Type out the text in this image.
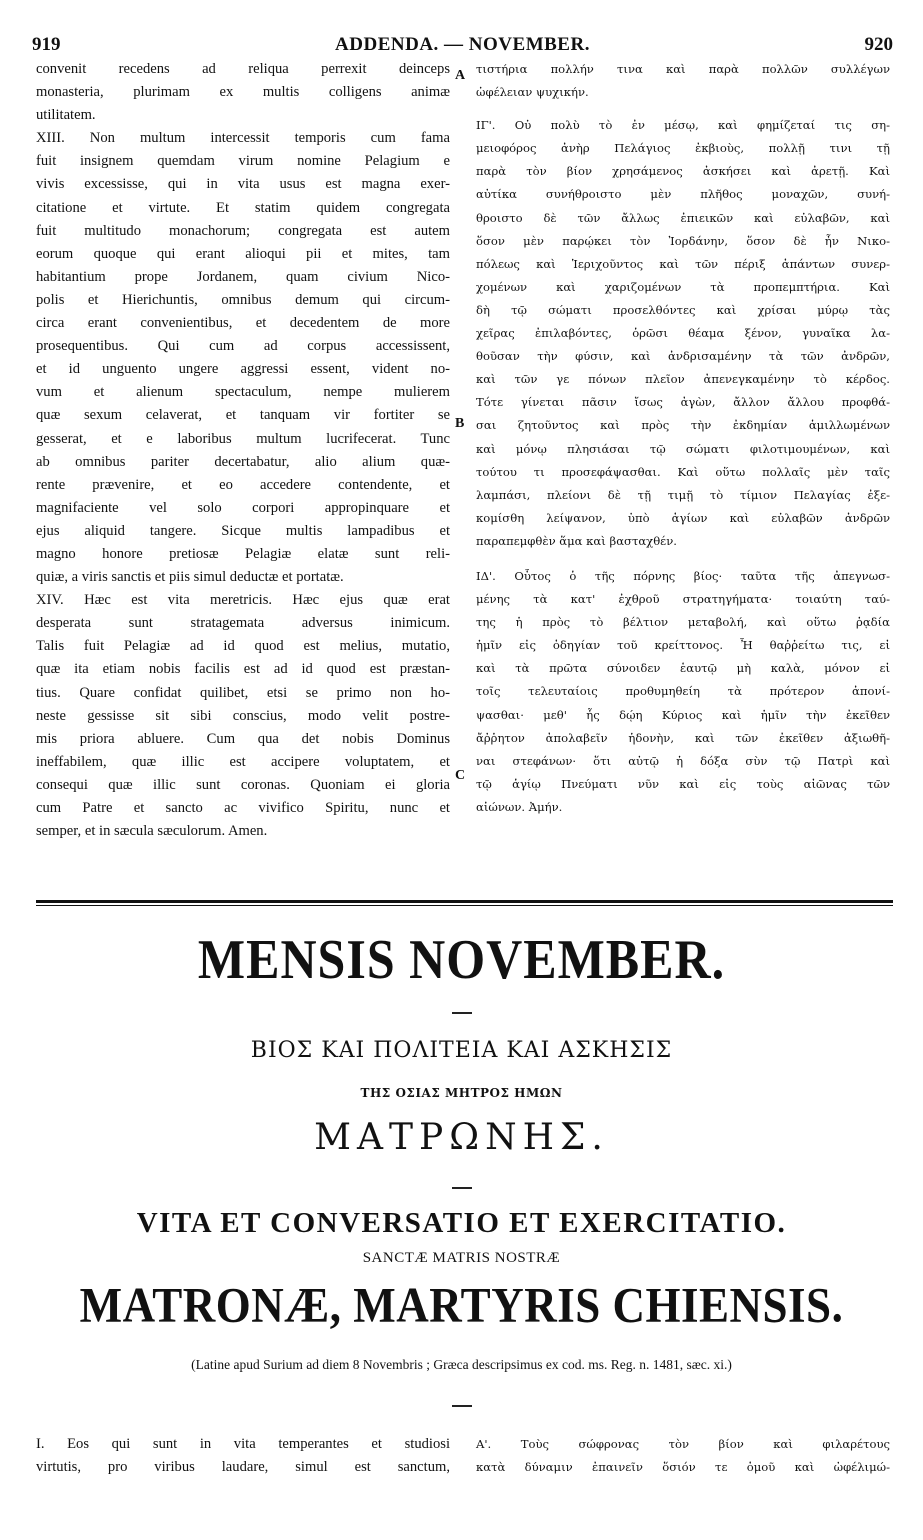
919	ADDENDA. — NOVEMBER.	920

convenit recedens ad reliqua perrexit deinceps

monasteria, plurimam ex multis colligens animæ

utilitatem.

XIII. Non multum intercessit temporis cum fama

fuit insignem quemdam virum nomine Pelagium e

vivis excessisse, qui in vita usus est magna exer-

citatione et virtute. Et statim quidem congregata

fuit multitudo monachorum; congregata est autem

eorum quoque qui erant alioqui pii et mites, tam

habitantium prope Jordanem, quam civium Nico-

polis et Hierichuntis, omnibus demum qui circum-

circa erant convenientibus, et decedentem de more

prosequentibus. Qui cum ad corpus accessissent,

et id unguento ungere aggressi essent, vident no-

vum et alienum spectaculum, nempe mulierem

quæ sexum celaverat, et tanquam vir fortiter se

gesserat, et e laboribus multum lucrifecerat. Tunc

ab omnibus pariter decertabatur, alio alium quæ-

rente prævenire, et eo accedere contendente, et

magnifaciente vel solo corpori appropinquare et

ejus aliquid tangere. Sicque multis lampadibus et

magno honore pretiosæ Pelagiæ elatæ sunt reli-

quiæ, a viris sanctis et piis simul deductæ et portatæ.

XIV. Hæc est vita meretricis. Hæc ejus quæ erat

desperata sunt stratagemata adversus inimicum.

Talis fuit Pelagiæ ad id quod est melius, mutatio,

quæ ita etiam nobis facilis est ad id quod est præstan-

tius. Quare confidat quilibet, etsi se primo non ho-

neste gessisse sit sibi conscius, modo velit postre-

mis priora abluere. Cum qua det nobis Dominus

ineffabilem, quæ illic est accipere voluptatem, et

consequi quæ illic sunt coronas. Quoniam ei gloria

cum Patre et sancto ac vivifico Spiritu, nunc et

semper, et in sæcula sæculorum. Amen.

τιστήρια πολλήν τινα καὶ παρὰ πολλῶν συλλέγων

ὠφέλειαν ψυχικήν.

ΙΓ'. Οὐ πολὺ τὸ ἐν μέσῳ, καὶ φημίζεταί τις ση-

μειοφόρος ἀνὴρ Πελάγιος ἐκβιοὺς, πολλῇ τινι τῇ

παρὰ τὸν βίον χρησάμενος ἀσκήσει καὶ ἀρετῇ. Καὶ

αὐτίκα συνήθροιστο μὲν πλῆθος μοναχῶν, συνή-

θροιστο δὲ τῶν ἄλλως ἐπιεικῶν καὶ εὐλαβῶν, καὶ

ὅσον μὲν παρῴκει τὸν Ἰορδάνην, ὅσον δὲ ἦν Νικο-

πόλεως καὶ Ἱεριχοῦντος καὶ τῶν πέριξ ἁπάντων συνερ-

χομένων καὶ χαριζομένων τὰ προπεμπτήρια. Καὶ

δὴ τῷ σώματι προσελθόντες καὶ χρίσαι μύρῳ τὰς

χεῖρας ἐπιλαβόντες, ὁρῶσι θέαμα ξένον, γυναῖκα λα-

θοῦσαν τὴν φύσιν, καὶ ἀνδρισαμένην τὰ τῶν ἀνδρῶν,

καὶ τῶν γε πόνων πλεῖον ἀπενεγκαμένην τὸ κέρδος.

Τότε γίνεται πᾶσιν ἴσως ἀγὼν, ἄλλον ἄλλου προφθά-

σαι ζητοῦντος καὶ πρὸς τὴν ἐκδημίαν ἁμιλλωμένων

καὶ μόνῳ πλησιάσαι τῷ σώματι φιλοτιμουμένων, καὶ

τούτου τι προσεφάψασθαι. Καὶ οὕτω πολλαῖς μὲν ταῖς

λαμπάσι, πλείονι δὲ τῇ τιμῇ τὸ τίμιον Πελαγίας ἐξε-

κομίσθη λείψανον, ὑπὸ ἁγίων καὶ εὐλαβῶν ἀνδρῶν

παραπεμφθὲν ἅμα καὶ βασταχθέν.

ΙΔ'. Οὗτος ὁ τῆς πόρνης βίος· ταῦτα τῆς ἀπεγνωσ-

μένης τὰ κατ' ἐχθροῦ στρατηγήματα· τοιαύτη ταύ-

της ἡ πρὸς τὸ βέλτιον μεταβολή, καὶ οὕτω ῥᾳδία

ἡμῖν εἰς ὁδηγίαν τοῦ κρείττονος. Ἦ θαῤῥείτω τις, εἰ

καὶ τὰ πρῶτα σύνοιδεν ἑαυτῷ μὴ καλὰ, μόνον εἰ

τοῖς τελευταίοις προθυμηθείη τὰ πρότερον ἀπονί-

ψασθαι· μεθ' ἧς δῴη Κύριος καὶ ἡμῖν τὴν ἐκεῖθεν

ἄῤῥητον ἀπολαβεῖν ἡδονὴν, καὶ τῶν ἐκεῖθεν ἀξιωθῆ-

ναι στεφάνων· ὅτι αὐτῷ ἡ δόξα σὺν τῷ Πατρὶ καὶ

τῷ ἁγίῳ Πνεύματι νῦν καὶ εἰς τοὺς αἰῶνας τῶν

αἰώνων. Ἀμήν.

A
B
C
MENSIS NOVEMBER.
ΒΙΟΣ ΚΑΙ ΠΟΛΙΤΕΙΑ ΚΑΙ ΑΣΚΗΣΙΣ
ΤΗΣ ΟΣΙΑΣ ΜΗΤΡΟΣ ΗΜΩΝ
ΜΑΤΡΩΝΗΣ.
VITA ET CONVERSATIO ET EXERCITATIO.
SANCTÆ MATRIS NOSTRÆ
MATRONÆ, MARTYRIS CHIENSIS.
(Latine apud Surium ad diem 8 Novembris ; Græca descripsimus ex cod. ms. Reg. n. 1481, sæc. xi.)

I. Eos qui sunt in vita temperantes et studiosi

virtutis, pro viribus laudare, simul est sanctum,

Α'. Τοὺς σώφρονας τὸν βίον καὶ φιλαρέτους

κατὰ δύναμιν ἐπαινεῖν ὅσιόν τε ὁμοῦ καὶ ὠφέλιμώ-
